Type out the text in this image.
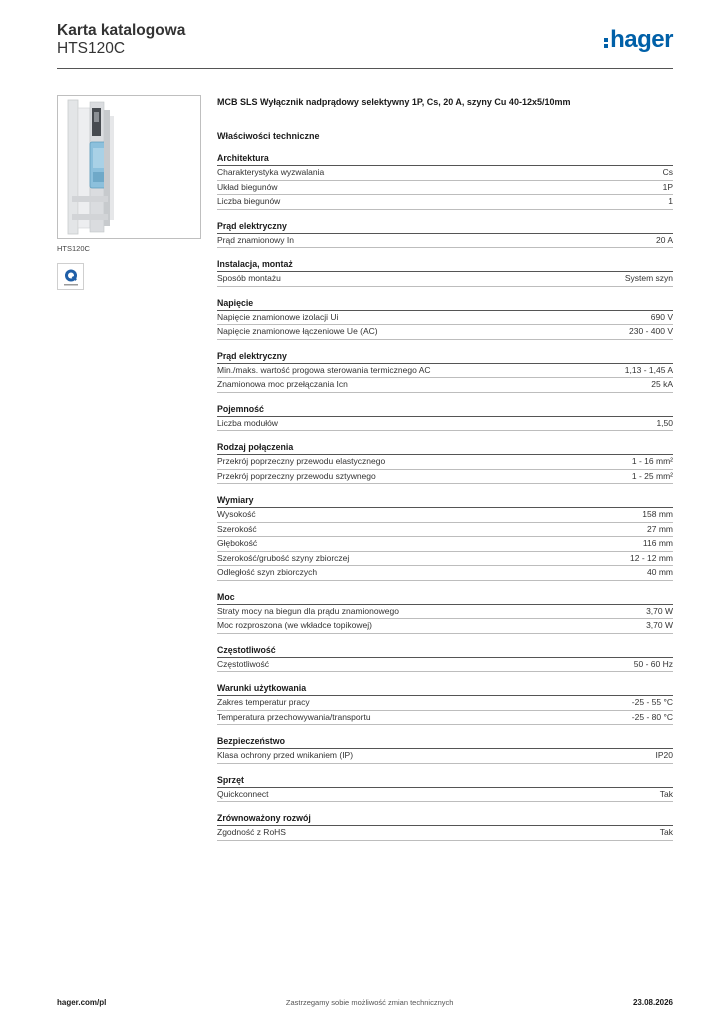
Karta katalogowa
HTS120C	hager
HTS120C
MCB SLS Wyłącznik nadprądowy selektywny 1P, Cs, 20 A, szyny Cu 40-12x5/10mm
Właściwości techniczne
Architektura
Charakterystyka wyzwalania	Cs
Układ biegunów	1P
Liczba biegunów	1
Prąd elektryczny
Prąd znamionowy In	20 A
Instalacja, montaż
Sposób montażu	System szyn
Napięcie
Napięcie znamionowe izolacji Ui	690 V
Napięcie znamionowe łączeniowe Ue (AC)	230 - 400 V
Prąd elektryczny
Min./maks. wartość progowa sterowania termicznego AC	1,13 - 1,45 A
Znamionowa moc przełączania Icn	25 kA
Pojemność
Liczba modułów	1,50
Rodzaj połączenia
Przekrój poprzeczny przewodu elastycznego	1 - 16 mm²
Przekrój poprzeczny przewodu sztywnego	1 - 25 mm²
Wymiary
Wysokość	158 mm
Szerokość	27 mm
Głębokość	116 mm
Szerokość/grubość szyny zbiorczej	12 - 12 mm
Odległość szyn zbiorczych	40 mm
Moc
Straty mocy na biegun dla prądu znamionowego	3,70 W
Moc rozproszona (we wkładce topikowej)	3,70 W
Częstotliwość
Częstotliwość	50 - 60 Hz
Warunki użytkowania
Zakres temperatur pracy	-25 - 55 °C
Temperatura przechowywania/transportu	-25 - 80 °C
Bezpieczeństwo
Klasa ochrony przed wnikaniem (IP)	IP20
Sprzęt
Quickconnect	Tak
Zrównoważony rozwój
Zgodność z RoHS	Tak
hager.com/pl	Zastrzegamy sobie możliwość zmian technicznych	23.08.2026
